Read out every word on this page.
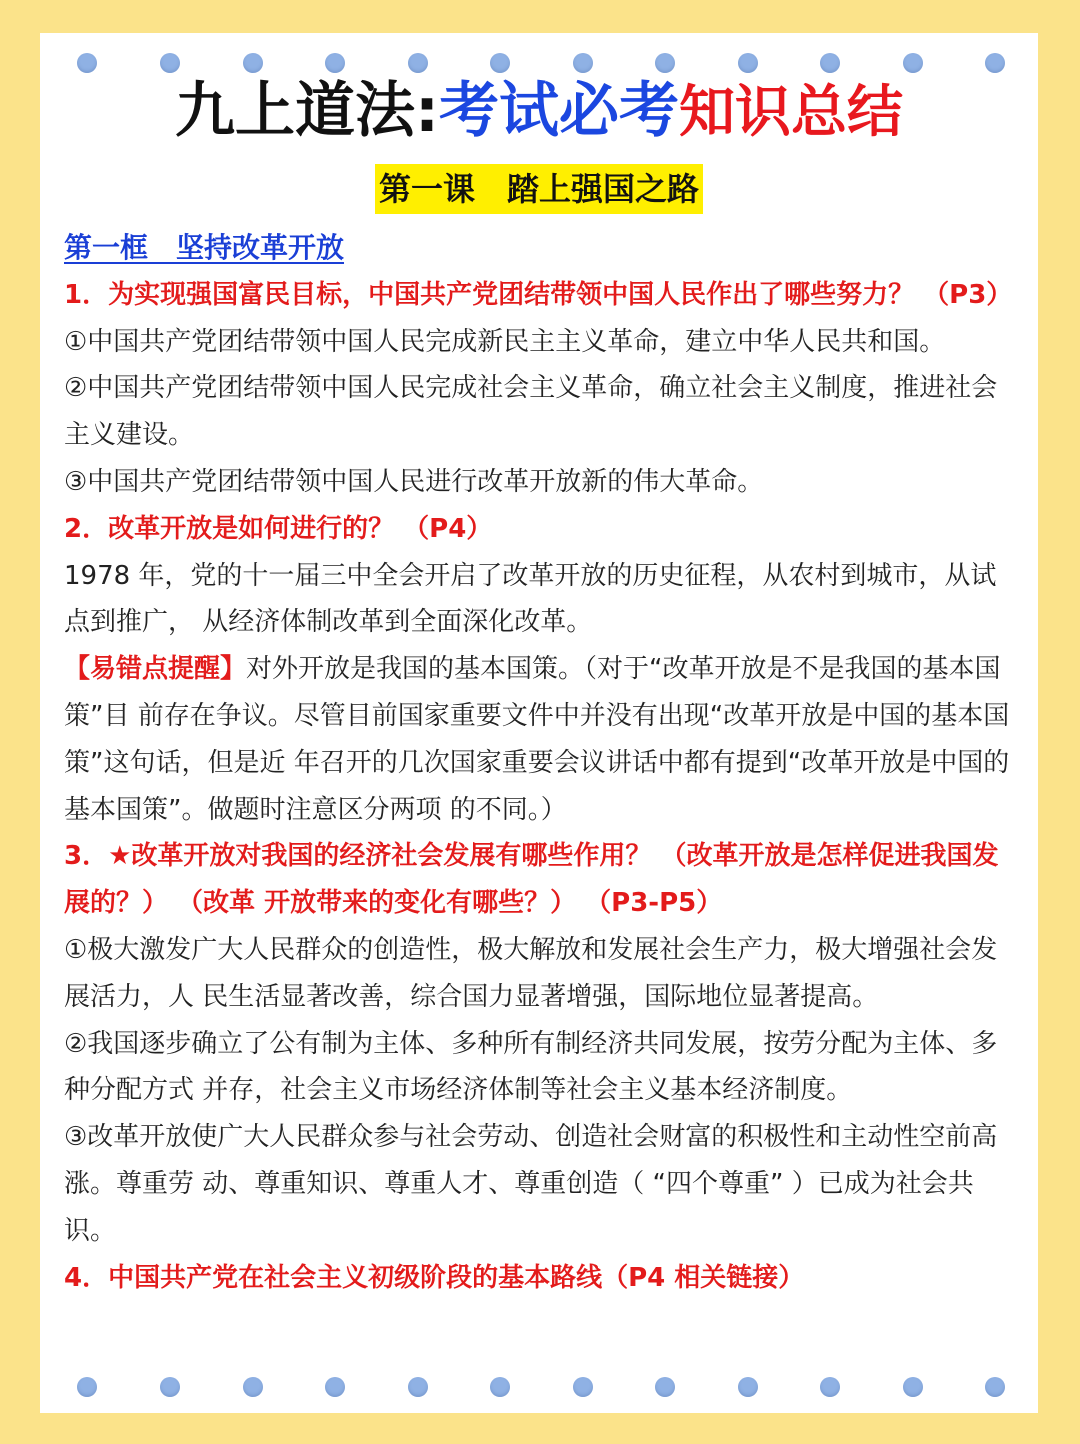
九上道法:考试必考知识总结
第一课　踏上强国之路

第一框　坚持改革开放

1．为实现强国富民目标，中国共产党团结带领中国人民作出了哪些努力？ （P3）

①中国共产党团结带领中国人民完成新民主主义革命，建立中华人民共和国。

②中国共产党团结带领中国人民完成社会主义革命，确立社会主义制度，推进社会主义建设。

③中国共产党团结带领中国人民进行改革开放新的伟大革命。

2．改革开放是如何进行的？ （P4）

1978 年，党的十一届三中全会开启了改革开放的历史征程，从农村到城市，从试点到推广， 从经济体制改革到全面深化改革。

【易错点提醒】对外开放是我国的基本国策。（对于“改革开放是不是我国的基本国策”目 前存在争议。尽管目前国家重要文件中并没有出现“改革开放是中国的基本国策”这句话，但是近 年召开的几次国家重要会议讲话中都有提到“改革开放是中国的基本国策”。做题时注意区分两项 的不同。）

3．★改革开放对我国的经济社会发展有哪些作用？ （改革开放是怎样促进我国发展的？） （改革 开放带来的变化有哪些？） （P3-P5）

①极大激发广大人民群众的创造性，极大解放和发展社会生产力，极大增强社会发展活力，人 民生活显著改善，综合国力显著增强，国际地位显著提高。

②我国逐步确立了公有制为主体、多种所有制经济共同发展，按劳分配为主体、多种分配方式 并存，社会主义市场经济体制等社会主义基本经济制度。

③改革开放使广大人民群众参与社会劳动、创造社会财富的积极性和主动性空前高涨。尊重劳 动、尊重知识、尊重人才、尊重创造（ “四个尊重” ）已成为社会共识。

4．中国共产党在社会主义初级阶段的基本路线（P4 相关链接）
